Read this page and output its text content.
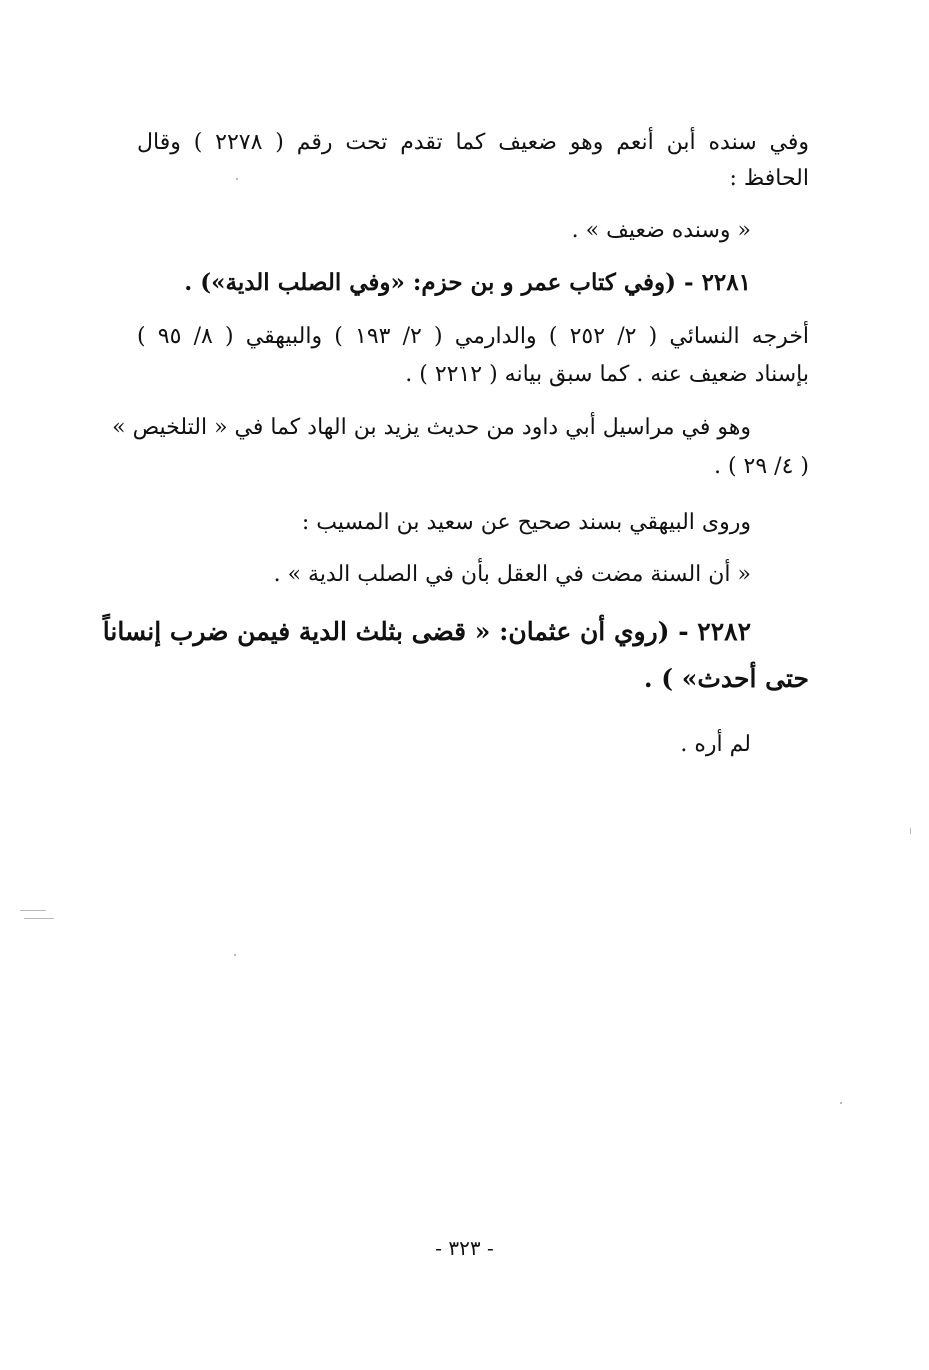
وفي سنده أبن أنعم وهو ضعيف كما تقدم تحت رقم ( ٢٢٧٨ ) وقال
الحافظ :
« وسنده ضعيف » .
٢٢٨١ - (وفي كتاب عمر و بن حزم: «وفي الصلب الدية») .
أخرجه النسائي ( ٢/ ٢٥٢ ) والدارمي ( ٢/ ١٩٣ ) والبيهقي ( ٨/ ٩٥ )
بإسناد ضعيف عنه . كما سبق بيانه ( ٢٢١٢ ) .
وهو في مراسيل أبي داود من حديث يزيد بن الهاد كما في « التلخيص »
( ٤/ ٢٩ ) .
وروى البيهقي بسند صحيح عن سعيد بن المسيب :
« أن السنة مضت في العقل بأن في الصلب الدية » .
٢٢٨٢ - (روي أن عثمان: « قضى بثلث الدية فيمن ضرب إنساناً
حتى أحدث» ) .
لم أره .
- ٣٢٣ -
